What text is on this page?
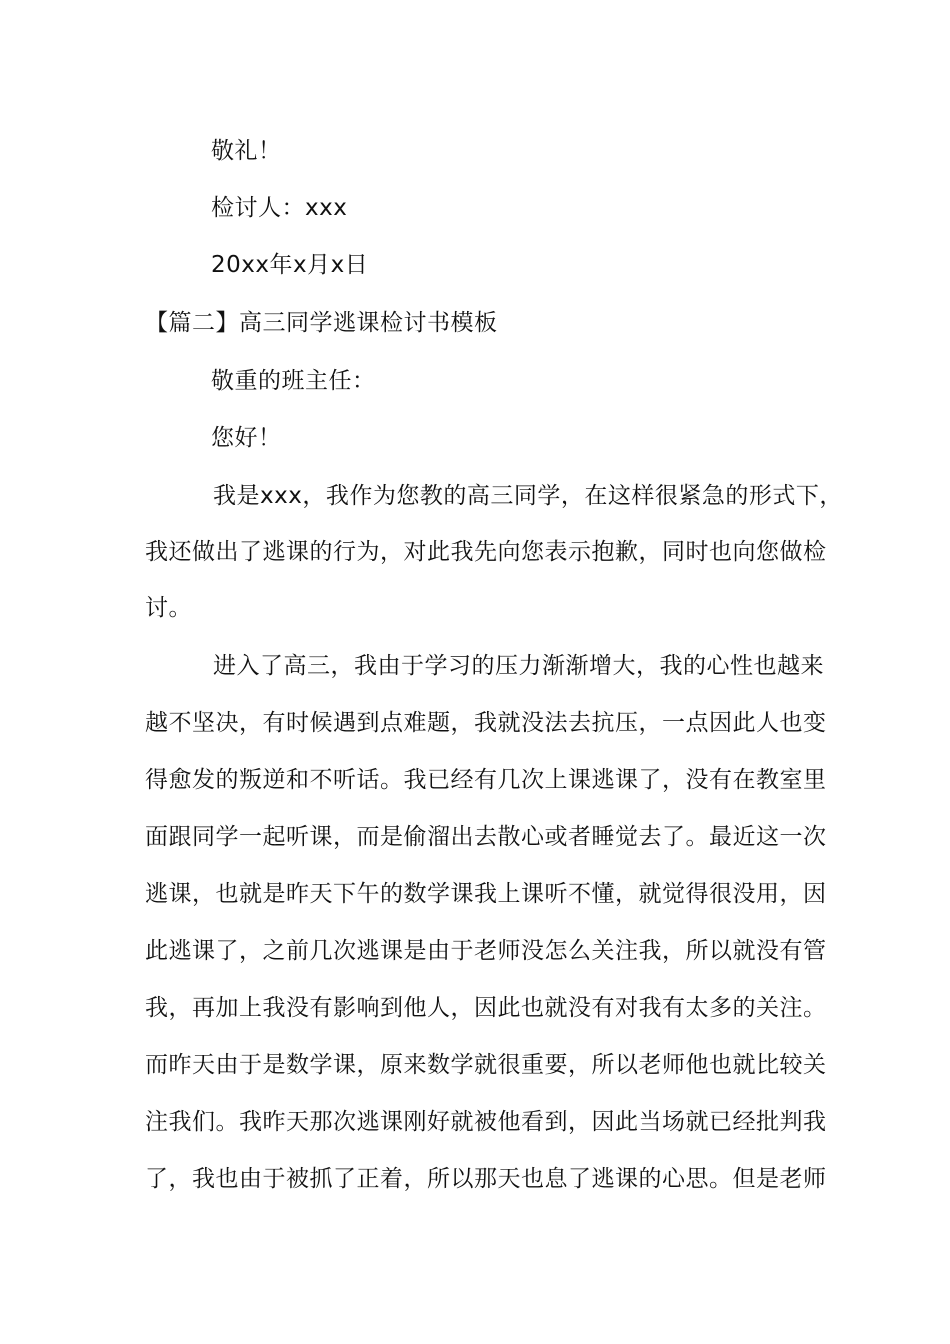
敬礼！
检讨人：xxx
20xx年x月x日
【篇二】高三同学逃课检讨书模板
敬重的班主任：
您好！
我是xxx，我作为您教的高三同学，在这样很紧急的形式下，
我还做出了逃课的行为，对此我先向您表示抱歉，同时也向您做检
讨。
进入了高三，我由于学习的压力渐渐增大，我的心性也越来
越不坚决，有时候遇到点难题，我就没法去抗压，一点因此人也变
得愈发的叛逆和不听话。我已经有几次上课逃课了，没有在教室里
面跟同学一起听课，而是偷溜出去散心或者睡觉去了。最近这一次
逃课，也就是昨天下午的数学课我上课听不懂，就觉得很没用，因
此逃课了，之前几次逃课是由于老师没怎么关注我，所以就没有管
我，再加上我没有影响到他人，因此也就没有对我有太多的关注。
而昨天由于是数学课，原来数学就很重要，所以老师他也就比较关
注我们。我昨天那次逃课刚好就被他看到，因此当场就已经批判我
了，我也由于被抓了正着，所以那天也息了逃课的心思。但是老师
